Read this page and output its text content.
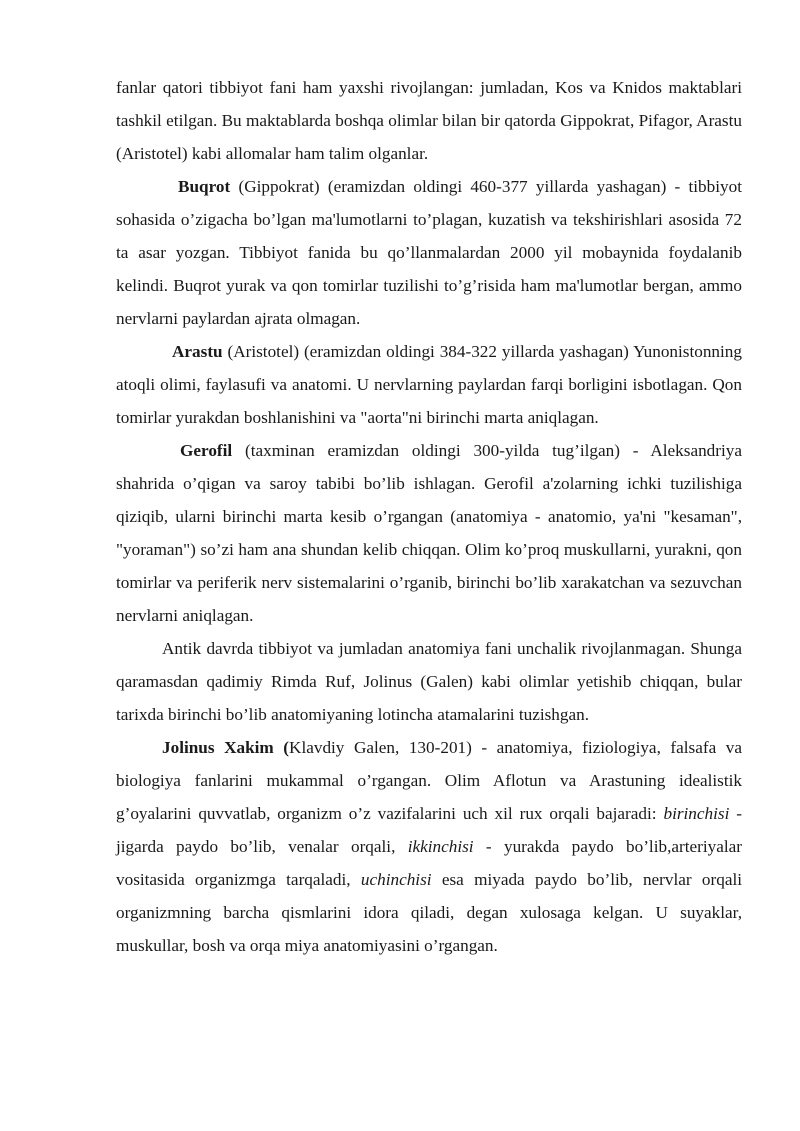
fanlar qatori tibbiyot fani ham yaxshi rivojlangan: jumladan, Kos va Knidos maktablari tashkil etilgan. Bu maktablarda boshqa olimlar bilan bir qatorda Gippokrat, Pifagor, Arastu (Aristotel) kabi allomalar ham talim olganlar.

Buqrot (Gippokrat) (eramizdan oldingi 460-377 yillarda yashagan) - tibbiyot sohasida o’zigacha bo’lgan ma'lumotlarni to’plagan, kuzatish va tekshirishlari asosida 72 ta asar yozgan. Tibbiyot fanida bu qo’llanmalardan 2000 yil mobaynida foydalanib kelindi. Buqrot yurak va qon tomirlar tuzilishi to’g’risida ham ma'lumotlar bergan, ammo nervlarni paylardan ajrata olmagan.

Arastu (Aristotel) (eramizdan oldingi 384-322 yillarda yashagan) Yunonistonning atoqli olimi, faylasufi va anatomi. U nervlarning paylardan farqi borligini isbotlagan. Qon tomirlar yurakdan boshlanishini va "aorta"ni birinchi marta aniqlagan.

Gerofil (taxminan eramizdan oldingi 300-yilda tug’ilgan) - Aleksandriya shahrida o’qigan va saroy tabibi bo’lib ishlagan. Gerofil a'zolarning ichki tuzilishiga qiziqib, ularni birinchi marta kesib o’rgangan (anatomiya - anatomio, ya'ni "kesaman", "yoraman") so’zi ham ana shundan kelib chiqqan. Olim ko’proq muskullarni, yurakni, qon tomirlar va periferik nerv sistemalarini o’rganib, birinchi bo’lib xarakatchan va sezuvchan nervlarni aniqlagan.

Antik davrda tibbiyot va jumladan anatomiya fani unchalik rivojlanmagan. Shunga qaramasdan qadimiy Rimda Ruf, Jolinus (Galen) kabi olimlar yetishib chiqqan, bular tarixda birinchi bo’lib anatomiyaning lotincha atamalarini tuzishgan.

Jolinus Xakim (Klavdiy Galen, 130-201) - anatomiya, fiziologiya, falsafa va biologiya fanlarini mukammal o’rgangan. Olim Aflotun va Arastuning idealistik g’oyalarini quvvatlab, organizm o’z vazifalarini uch xil rux orqali bajaradi: birinchisi - jigarda paydo bo’lib, venalar orqali, ikkinchisi - yurakda paydo bo’lib,arteriyalar vositasida organizmga tarqaladi, uchinchisi esa miyada paydo bo’lib, nervlar orqali organizmning barcha qismlarini idora qiladi, degan xulosaga kelgan. U suyaklar, muskullar, bosh va orqa miya anatomiyasini o’rgangan.
